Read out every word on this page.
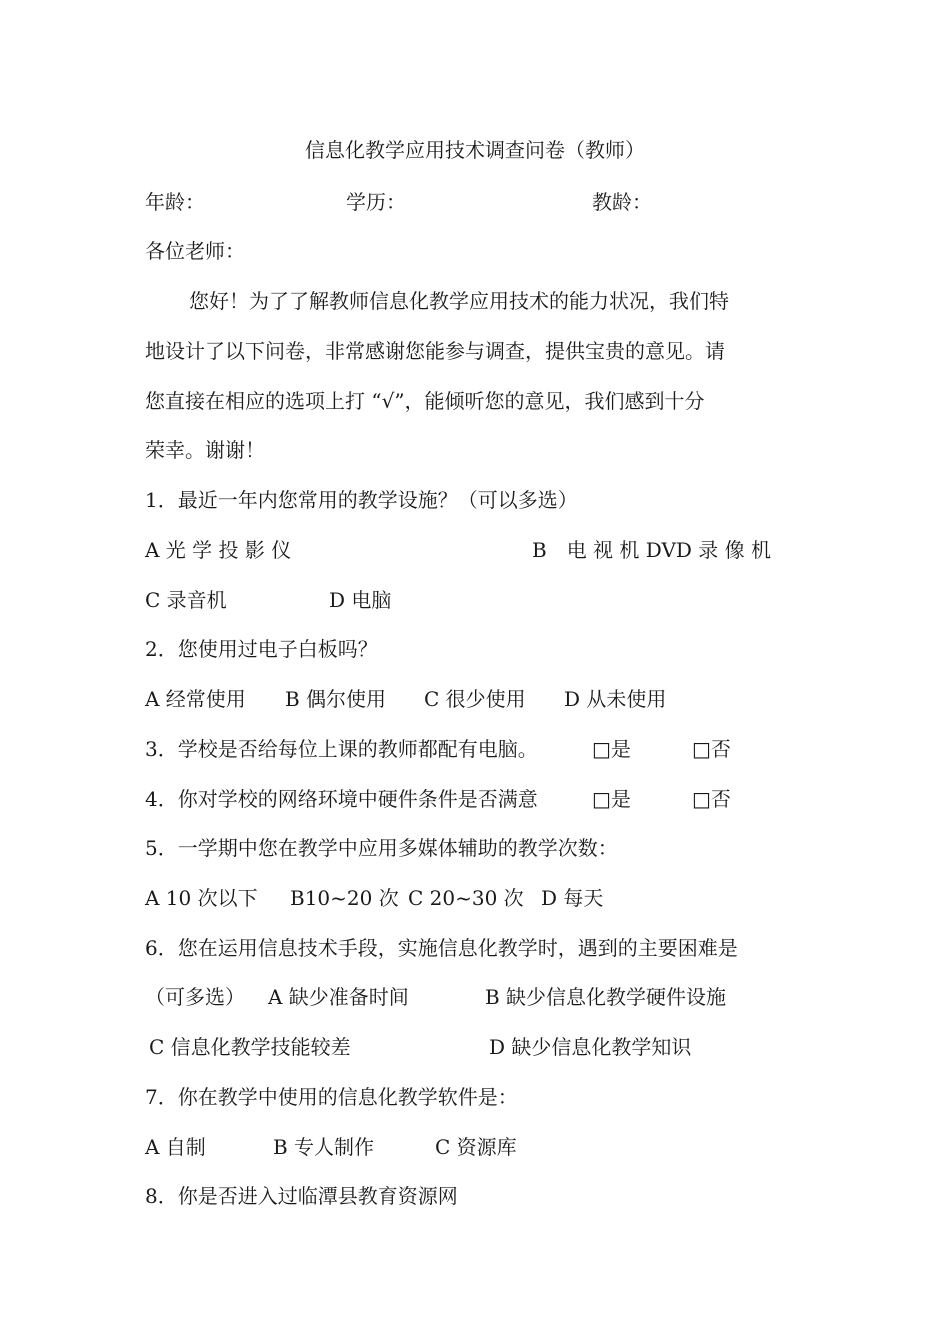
信息化教学应用技术调查问卷（教师）
年龄：	学历：	教龄：
各位老师：
您好！为了了解教师信息化教学应用技术的能力状况，我们特
地设计了以下问卷，非常感谢您能参与调查，提供宝贵的意见。请
您直接在相应的选项上打 “√”，能倾听您的意见，我们感到十分
荣幸。谢谢！
1．最近一年内您常用的教学设施？（可以多选）
A 光 学 投 影 仪	B　电 视 机 DVD 录 像 机
C 录音机	D 电脑
2．您使用过电子白板吗？
A 经常使用 B 偶尔使用 C 很少使用 D 从未使用
3．学校是否给每位上课的教师都配有电脑。	□是	□否
4．你对学校的网络环境中硬件条件是否满意	□是	□否
5．一学期中您在教学中应用多媒体辅助的教学次数：
A 10 次以下 B10~20 次 C 20~30 次 D 每天
6．您在运用信息技术手段，实施信息化教学时，遇到的主要困难是
（可多选） A 缺少准备时间	B 缺少信息化教学硬件设施
C 信息化教学技能较差	D 缺少信息化教学知识
7．你在教学中使用的信息化教学软件是：
A 自制	B 专人制作	C 资源库
8．你是否进入过临潭县教育资源网
